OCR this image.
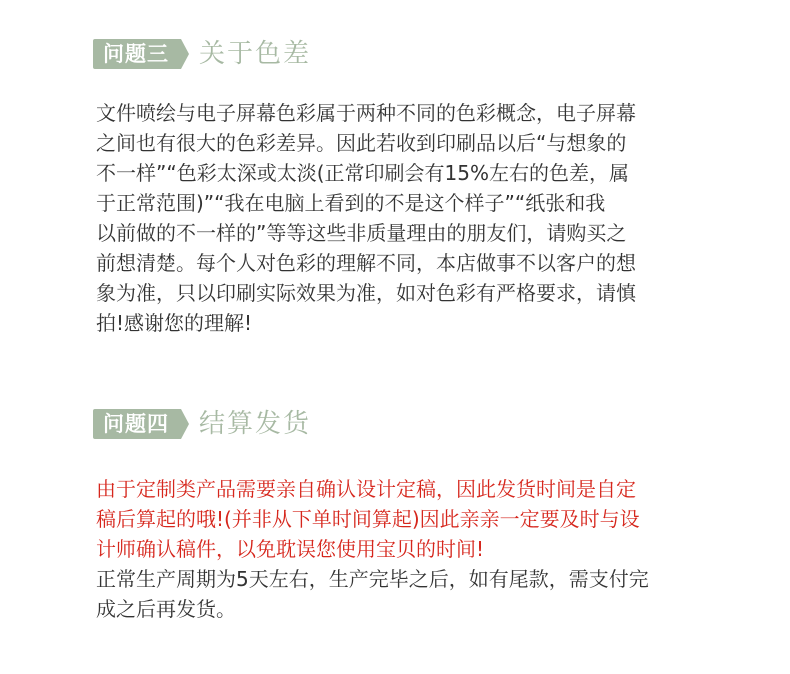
问题三	关于色差

文件喷绘与电子屏幕色彩属于两种不同的色彩概念，电子屏幕
之间也有很大的色彩差异。因此若收到印刷品以后“与想象的
不一样”“色彩太深或太淡(正常印刷会有15%左右的色差，属
于正常范围)”“我在电脑上看到的不是这个样子”“纸张和我
以前做的不一样的”等等这些非质量理由的朋友们，请购买之
前想清楚。每个人对色彩的理解不同，本店做事不以客户的想
象为准，只以印刷实际效果为准，如对色彩有严格要求，请慎
拍!感谢您的理解!

问题四	结算发货

由于定制类产品需要亲自确认设计定稿，因此发货时间是自定
稿后算起的哦!(并非从下单时间算起)因此亲亲一定要及时与设
计师确认稿件，以免耽误您使用宝贝的时间!

正常生产周期为5天左右，生产完毕之后，如有尾款，需支付完
成之后再发货。
